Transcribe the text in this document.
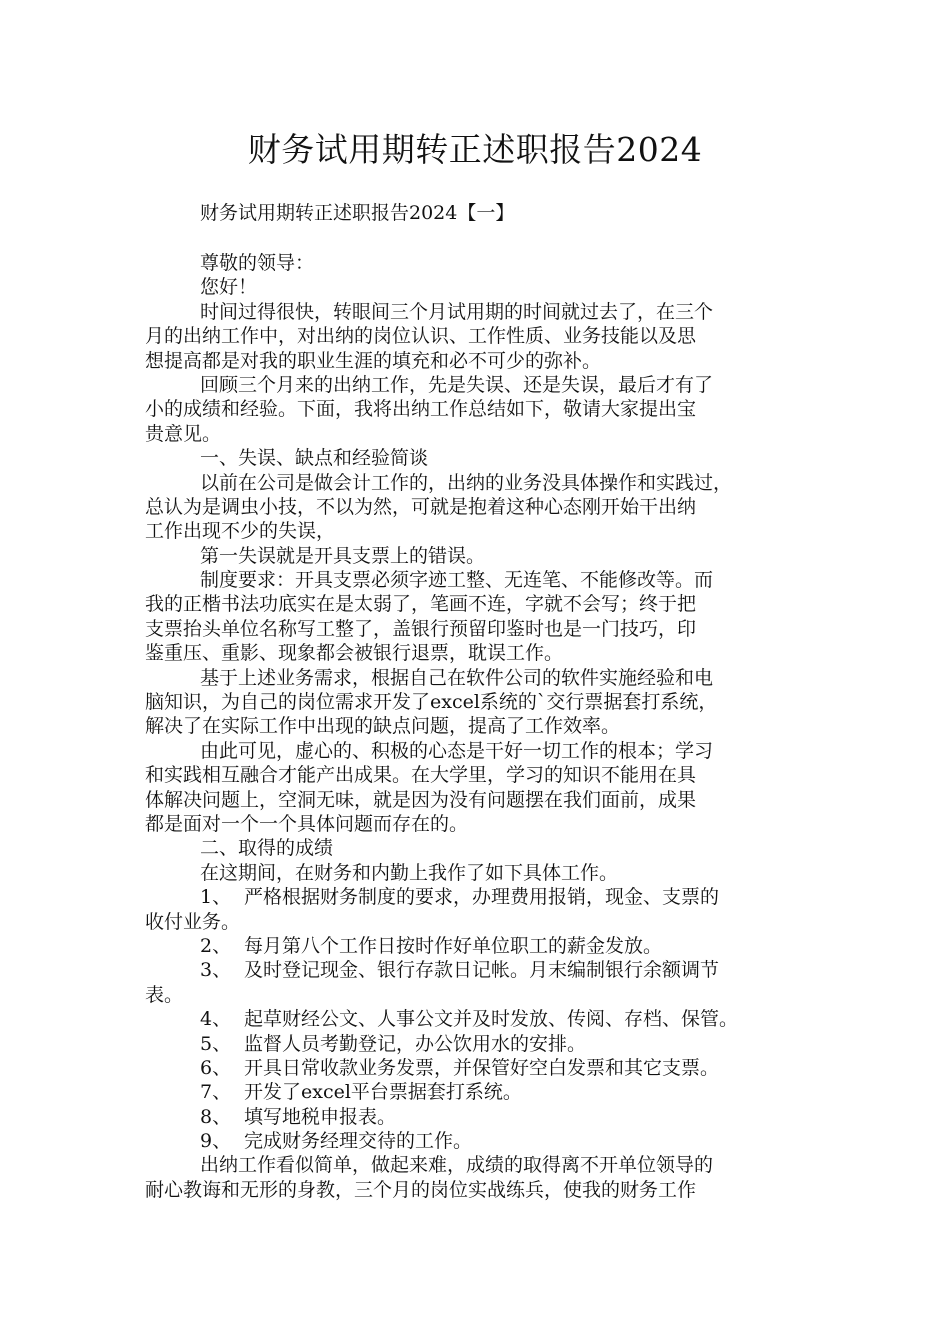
财务试用期转正述职报告2024
财务试用期转正述职报告2024【一】
尊敬的领导：
您好！
时间过得很快，转眼间三个月试用期的时间就过去了，在三个
月的出纳工作中，对出纳的岗位认识、工作性质、业务技能以及思
想提高都是对我的职业生涯的填充和必不可少的弥补。
回顾三个月来的出纳工作，先是失误、还是失误，最后才有了
小的成绩和经验。下面，我将出纳工作总结如下，敬请大家提出宝
贵意见。
一、失误、缺点和经验简谈
以前在公司是做会计工作的，出纳的业务没具体操作和实践过，
总认为是调虫小技，不以为然，可就是抱着这种心态刚开始干出纳
工作出现不少的失误，
第一失误就是开具支票上的错误。
制度要求：开具支票必须字迹工整、无连笔、不能修改等。而
我的正楷书法功底实在是太弱了，笔画不连，字就不会写；终于把
支票抬头单位名称写工整了，盖银行预留印鉴时也是一门技巧，印
鉴重压、重影、现象都会被银行退票，耽误工作。
基于上述业务需求，根据自己在软件公司的软件实施经验和电
脑知识，为自己的岗位需求开发了excel系统的`交行票据套打系统，
解决了在实际工作中出现的缺点问题，提高了工作效率。
由此可见，虚心的、积极的心态是干好一切工作的根本；学习
和实践相互融合才能产出成果。在大学里，学习的知识不能用在具
体解决问题上，空洞无味，就是因为没有问题摆在我们面前，成果
都是面对一个一个具体问题而存在的。
二、取得的成绩
在这期间，在财务和内勤上我作了如下具体工作。
1、 严格根据财务制度的要求，办理费用报销，现金、支票的
收付业务。
2、 每月第八个工作日按时作好单位职工的薪金发放。
3、 及时登记现金、银行存款日记帐。月末编制银行余额调节
表。
4、 起草财经公文、人事公文并及时发放、传阅、存档、保管。
5、 监督人员考勤登记，办公饮用水的安排。
6、 开具日常收款业务发票，并保管好空白发票和其它支票。
7、 开发了excel平台票据套打系统。
8、 填写地税申报表。
9、 完成财务经理交待的工作。
出纳工作看似简单，做起来难，成绩的取得离不开单位领导的
耐心教诲和无形的身教，三个月的岗位实战练兵，使我的财务工作
